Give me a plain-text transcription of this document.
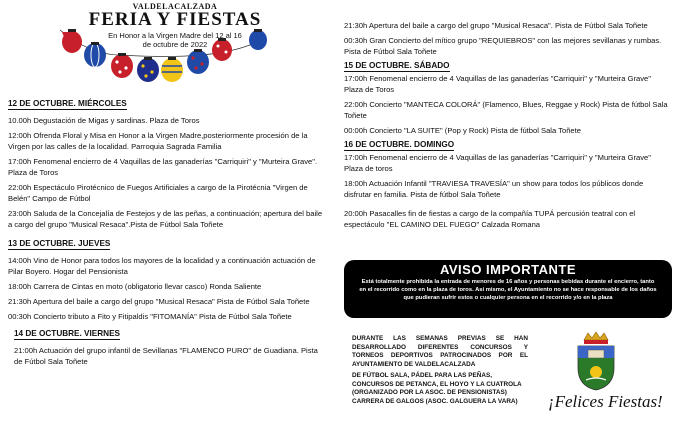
VALDELACALZADA
FERIA Y FIESTAS
En Honor a la Virgen Madre del 12 al 16
de octubre de 2022
12 DE OCTUBRE. MIÉRCOLES

10.00h Degustación de Migas y sardinas. Plaza de Toros

12:00h Ofrenda Floral y Misa en Honor a la Virgen Madre,posteriormente procesión de la Virgen por las calles de la localidad. Parroquia Sagrada Familia

17:00h Fenomenal encierro de 4 Vaquillas de las ganaderías "Carriquiri" y "Murteira Grave". Plaza de Toros

22:00h Espectáculo Pirotécnico de Fuegos Artificiales a cargo de la Pirotécnia "Virgen de Belén" Campo de Fútbol

23:00h Saluda de la Concejalía de Festejos y de las peñas, a continuación; apertura del baile a cargo del grupo "Musical Resaca".Pista de Fútbol Sala Toñete

13 DE OCTUBRE. JUEVES

14:00h Vino de Honor para todos los mayores de la localidad y a continuación actuación de Pilar Boyero. Hogar del Pensionista

18:00h Carrera de Cintas en moto (obligatorio llevar casco) Ronda Saliente

21:30h Apertura del baile a cargo del grupo "Musical Resaca" Pista de Fútbol Sala Toñete

00:30h Concierto tributo a Fito y Fitipaldis "FITOMANÍA" Pista de Fútbol Sala Toñete

14 DE OCTUBRE. VIERNES

21:00h Actuación del grupo infantil de Sevillanas "FLAMENCO PURO" de Guadiana. Pista de Fútbol Sala Toñete

21:30h Apertura del baile a cargo del grupo "Musical Resaca". Pista de Fútbol Sala Toñete

00:30h Gran Concierto del mítico grupo "REQUIEBROS" con las mejores sevillanas y rumbas. Pista de Fútbol Sala Toñete

15 DE OCTUBRE. SÁBADO

17:00h Fenomenal encierro de 4 Vaquillas de las ganaderías "Carriquiri" y "Murteira Grave" Plaza de Toros

22:00h Concierto "MANTECA COLORÁ" (Flamenco, Blues, Reggae y Rock) Pista de fútbol Sala Toñete

00:00h Concierto "LA SUITE" (Pop y Rock) Pista de fútbol Sala Toñete

16 DE OCTUBRE. DOMINGO

17:00h Fenomenal encierro de 4 Vaquillas de las ganaderías "Carriquiri" y "Murteira Grave" Plaza de toros

18:00h Actuación Infantil "TRAVIESA TRAVESÍA" un show para todos los públicos donde disfrutar en familia. Pista de fútbol Sala Toñete

20:00h Pasacalles fin de fiestas a cargo de la compañía TUPÁ percusión teatral con el espectáculo "EL CAMINO DEL FUEGO" Calzada Romana

AVISO IMPORTANTE
Está totalmente prohibida la entrada de menores de 16 años y personas bebidas durante el encierro, tanto en el recorrido como en la plaza de toros. Así mismo, el Ayuntamiento no se hace responsable de los daños que pudieran sufrir estos o cualquier persona en el recorrido y/o en la plaza
DURANTE LAS SEMANAS PREVIAS SE HAN DESARROLLADO DIFERENTES CONCURSOS Y TORNEOS DEPORTIVOS PATROCINADOS POR EL AYUNTAMIENTO DE VALDELACALZADA
DE FÚTBOL SALA, PÁDEL PARA LAS PEÑAS,
CONCURSOS DE PETANCA, EL HOYO Y LA CUATROLA
(ORGANIZADO POR LA ASOC. DE PENSIONISTAS)
CARRERA DE GALGOS (ASOC. GALGUERA LA VARA)	¡Felices Fiestas!
